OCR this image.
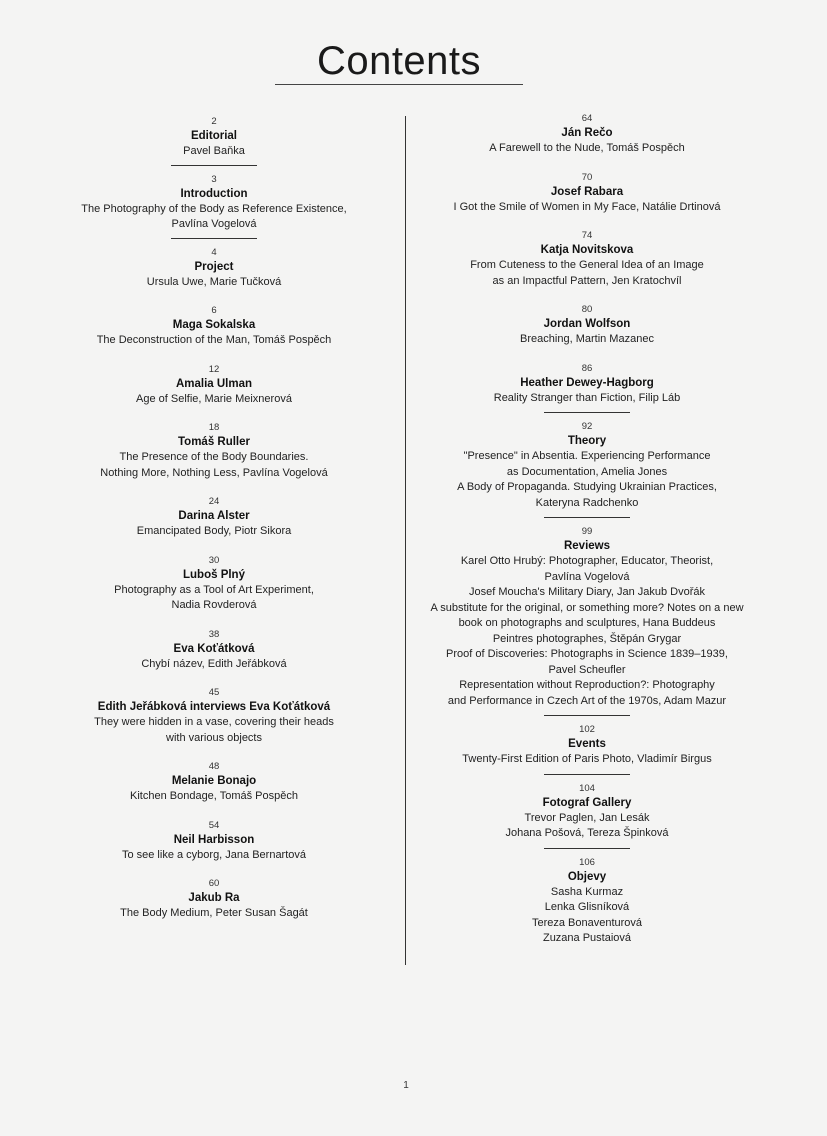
Contents
2
Editorial
Pavel Baňka
3
Introduction
The Photography of the Body as Reference Existence,
Pavlína Vogelová
4
Project
Ursula Uwe, Marie Tučková
6
Maga Sokalska
The Deconstruction of the Man, Tomáš Pospěch
12
Amalia Ulman
Age of Selfie, Marie Meixnerová
18
Tomáš Ruller
The Presence of the Body Boundaries.
Nothing More, Nothing Less, Pavlína Vogelová
24
Darina Alster
Emancipated Body, Piotr Sikora
30
Luboš Plný
Photography as a Tool of Art Experiment,
Nadia Rovderová
38
Eva Koťátková
Chybí název, Edith Jeřábková
45
Edith Jeřábková interviews Eva Koťátková
They were hidden in a vase, covering their heads
with various objects
48
Melanie Bonajo
Kitchen Bondage, Tomáš Pospěch
54
Neil Harbisson
To see like a cyborg, Jana Bernartová
60
Jakub Ra
The Body Medium, Peter Susan Šagát
64
Ján Rečo
A Farewell to the Nude, Tomáš Pospěch
70
Josef Rabara
I Got the Smile of Women in My Face, Natálie Drtinová
74
Katja Novitskova
From Cuteness to the General Idea of an Image
as an Impactful Pattern, Jen Kratochvíl
80
Jordan Wolfson
Breaching, Martin Mazanec
86
Heather Dewey-Hagborg
Reality Stranger than Fiction, Filip Láb
92
Theory
"Presence" in Absentia. Experiencing Performance
as Documentation, Amelia Jones
A Body of Propaganda. Studying Ukrainian Practices,
Kateryna Radchenko
99
Reviews
Karel Otto Hrubý: Photographer, Educator, Theorist,
Pavlína Vogelová
Josef Moucha's Military Diary, Jan Jakub Dvořák
A substitute for the original, or something more? Notes on a new
book on photographs and sculptures, Hana Buddeus
Peintres photographes, Štěpán Grygar
Proof of Discoveries: Photographs in Science 1839–1939,
Pavel Scheufler
Representation without Reproduction?: Photography
and Performance in Czech Art of the 1970s, Adam Mazur
102
Events
Twenty-First Edition of Paris Photo, Vladimír Birgus
104
Fotograf Gallery
Trevor Paglen, Jan Lesák
Johana Pošová, Tereza Špinková
106
Objevy
Sasha Kurmaz
Lenka Glisníková
Tereza Bonaventurová
Zuzana Pustaiová
1
